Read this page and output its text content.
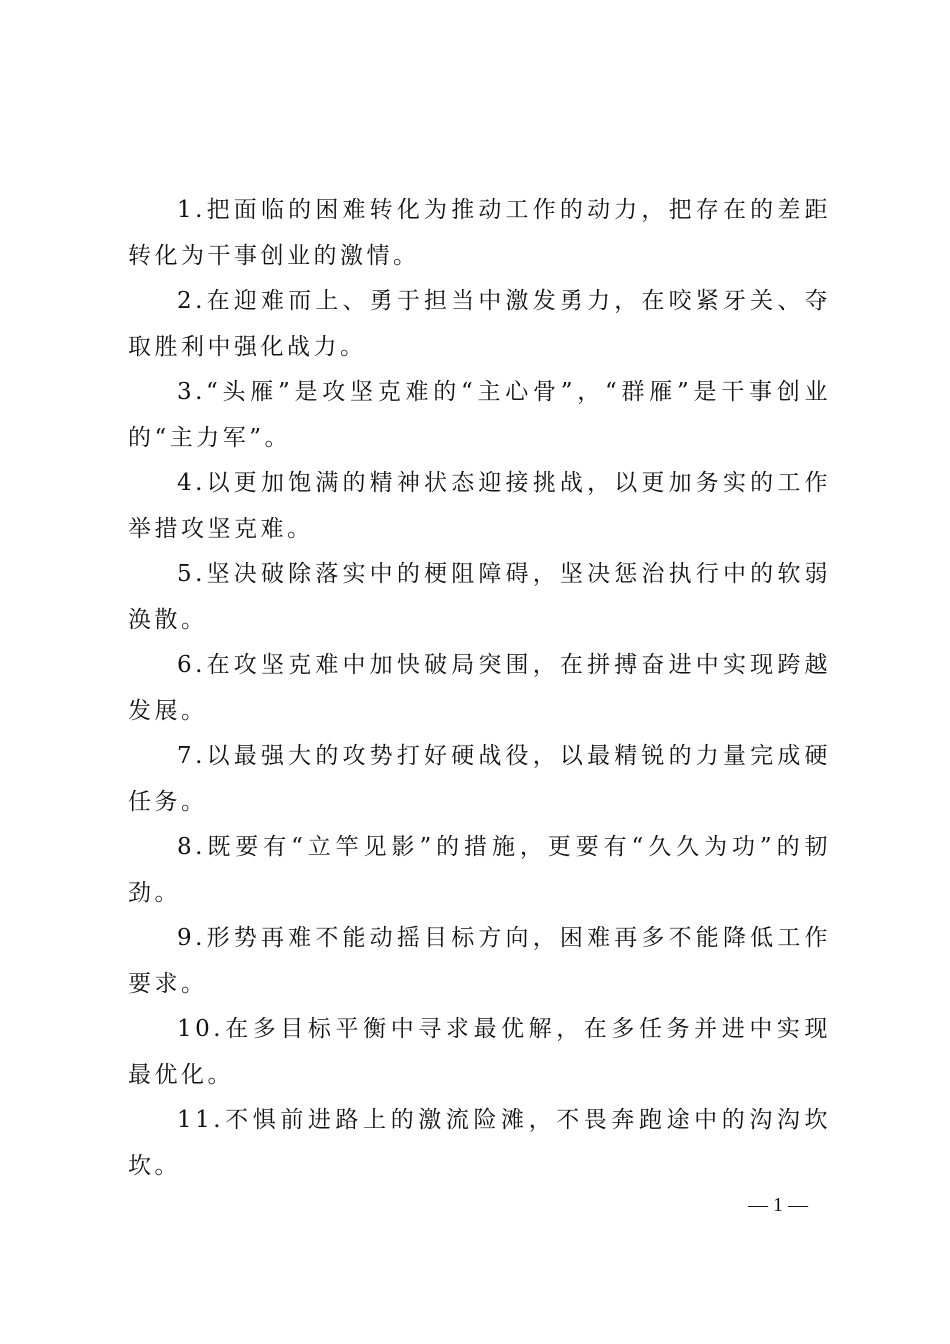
1.把面临的困难转化为推动工作的动力，把存在的差距转化为干事创业的激情。

2.在迎难而上、勇于担当中激发勇力，在咬紧牙关、夺取胜利中强化战力。

3.“头雁”是攻坚克难的“主心骨”，“群雁”是干事创业的“主力军”。

4.以更加饱满的精神状态迎接挑战，以更加务实的工作举措攻坚克难。

5.坚决破除落实中的梗阻障碍，坚决惩治执行中的软弱涣散。

6.在攻坚克难中加快破局突围，在拼搏奋进中实现跨越发展。

7.以最强大的攻势打好硬战役，以最精锐的力量完成硬任务。

8.既要有“立竿见影”的措施，更要有“久久为功”的韧劲。

9.形势再难不能动摇目标方向，困难再多不能降低工作要求。

10.在多目标平衡中寻求最优解，在多任务并进中实现最优化。

11.不惧前进路上的激流险滩，不畏奔跑途中的沟沟坎坎。

— 1 —
